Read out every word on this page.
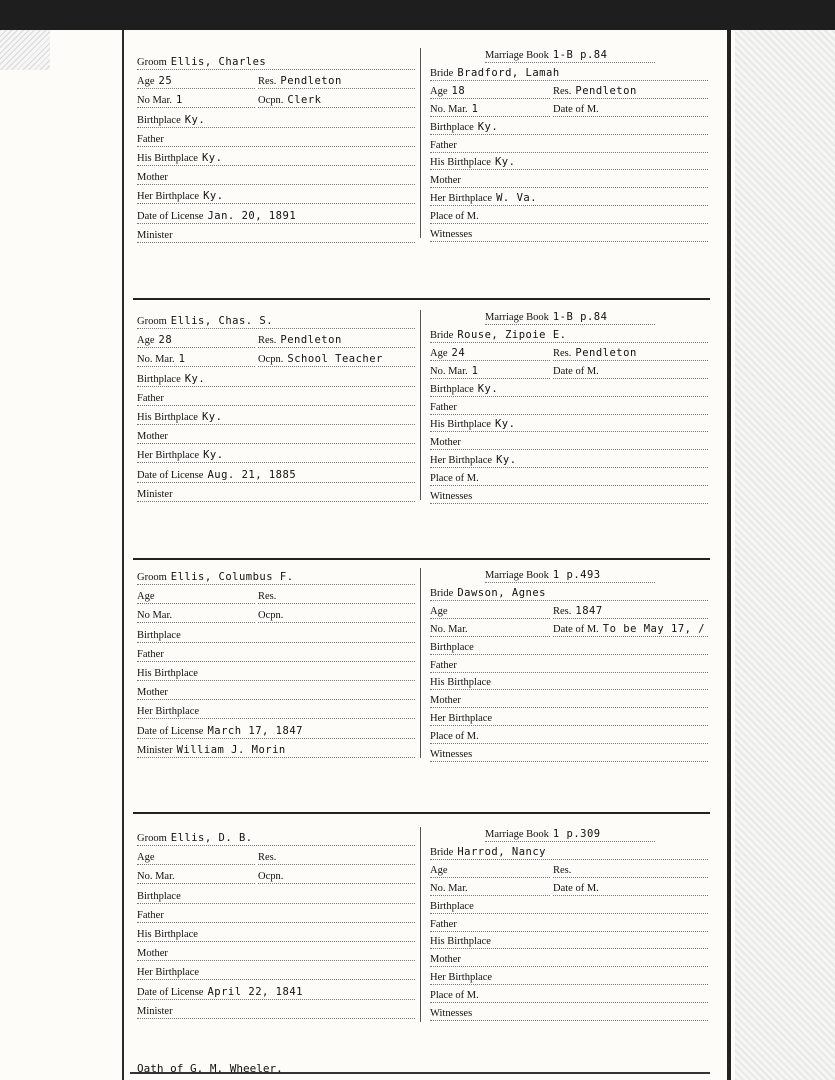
Groom Ellis, Charles
Age 25	Res. Pendleton
No Mar. 1	Ocpn. Clerk
Birthplace Ky.
Father
His Birthplace Ky.
Mother
Her Birthplace Ky.
Date of License Jan. 20, 1891
Minister
Marriage Book 1-B p.84
Bride Bradford, Lamah
Age 18	Res. Pendleton
No. Mar. 1	Date of M.
Birthplace Ky.
Father
His Birthplace Ky.
Mother
Her Birthplace W. Va.
Place of M.
Witnesses
Groom Ellis, Chas. S.
Age 28	Res. Pendleton
No. Mar. 1	Ocpn. School Teacher
Birthplace Ky.
Father
His Birthplace Ky.
Mother
Her Birthplace Ky.
Date of License Aug. 21, 1885
Minister
Marriage Book 1-B p.84
Bride Rouse, Zipoie E.
Age 24	Res. Pendleton
No. Mar. 1	Date of M.
Birthplace Ky.
Father
His Birthplace Ky.
Mother
Her Birthplace Ky.
Place of M.
Witnesses
Groom Ellis, Columbus F.
Age	Res.
No Mar.	Ocpn.
Birthplace
Father
His Birthplace
Mother
Her Birthplace
Date of License March 17, 1847
Minister William J. Morin
Marriage Book 1 p.493
Bride Dawson, Agnes
Age	Res. 1847
No. Mar.	Date of M. To be May 17, /
Birthplace
Father
His Birthplace
Mother
Her Birthplace
Place of M.
Witnesses
Groom Ellis, D. B.
Age	Res.
No. Mar.	Ocpn.
Birthplace
Father
His Birthplace
Mother
Her Birthplace
Date of License April 22, 1841
Minister
Marriage Book 1 p.309
Bride Harrod, Nancy
Age	Res.
No. Mar.	Date of M.
Birthplace
Father
His Birthplace
Mother
Her Birthplace
Place of M.
Witnesses
Oath of G. M. Wheeler.
